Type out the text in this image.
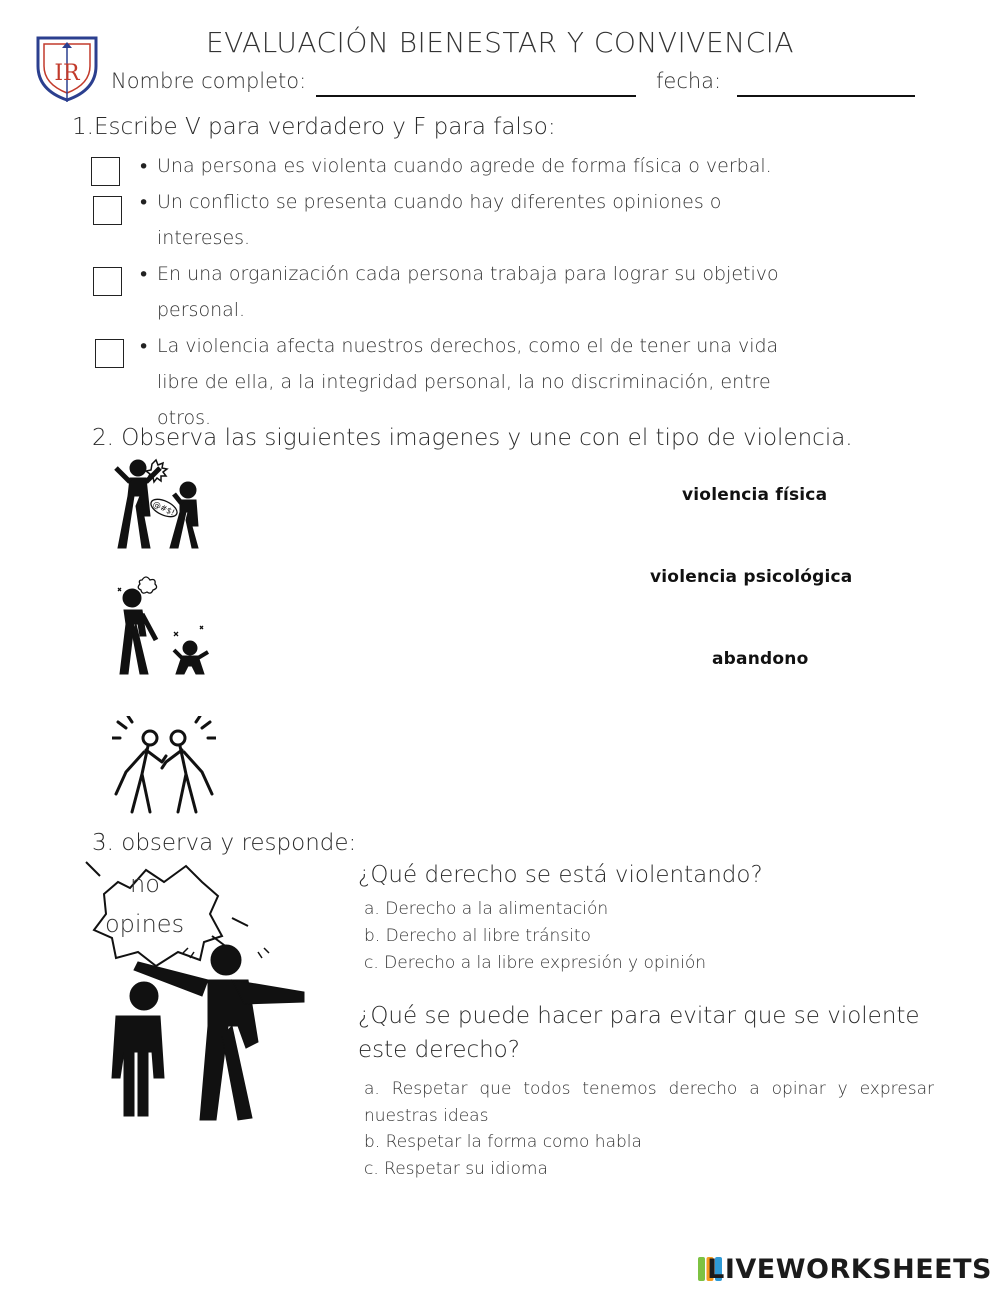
IR
EVALUACIÓN BIENESTAR Y CONVIVENCIA
Nombre completo:	fecha:
1.Escribe V para verdadero y F para falso:
• Una persona es violenta cuando agrede de forma física o verbal.
• Un conflicto se presenta cuando hay diferentes opiniones o
intereses.
• En una organización cada persona trabaja para lograr su objetivo
personal.
• La violencia afecta nuestros derechos, como el de tener una vida
libre de ella, a la integridad personal, la no discriminación, entre
otros.
2. Observa las siguientes imagenes y une con el tipo de violencia.
@#$!
violencia física
violencia psicológica
abandono
3. observa y responde:
no
opines
¿Qué derecho se está violentando?
a. Derecho a la alimentación
b. Derecho al libre tránsito
c. Derecho a la libre expresión y opinión
¿Qué se puede hacer para evitar que se violente
este derecho?
a. Respetar que todos tenemos derecho a opinar y expresar
nuestras ideas
b. Respetar la forma como habla
c. Respetar su idioma
LIVEWORKSHEETS
